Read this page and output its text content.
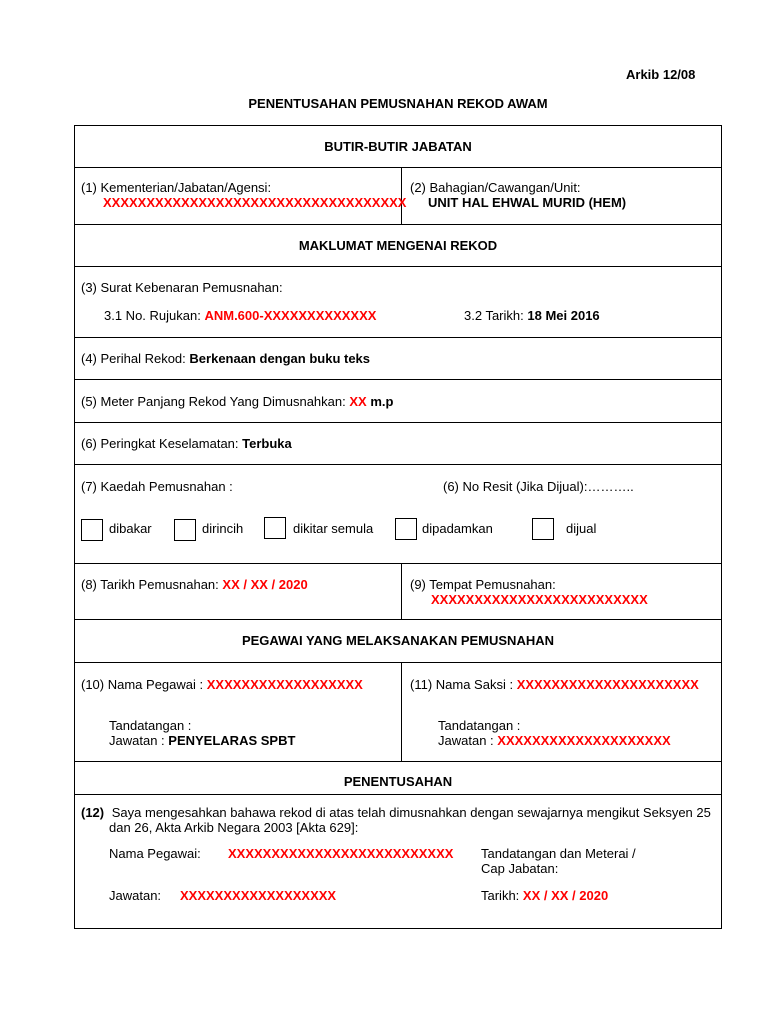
Arkib 12/08
PENENTUSAHAN PEMUSNAHAN REKOD AWAM
BUTIR-BUTIR JABATAN
(1) Kementerian/Jabatan/Agensi:
XXXXXXXXXXXXXXXXXXXXXXXXXXXXXXXXXXX
(2) Bahagian/Cawangan/Unit:
UNIT HAL EHWAL MURID (HEM)
MAKLUMAT MENGENAI REKOD
(3) Surat Kebenaran Pemusnahan:
3.1 No. Rujukan: ANM.600-XXXXXXXXXXXXX	3.2 Tarikh: 18 Mei 2016
(4) Perihal Rekod: Berkenaan dengan buku teks
(5) Meter Panjang Rekod Yang Dimusnahkan: XX m.p
(6) Peringkat Keselamatan: Terbuka
(7) Kaedah Pemusnahan :	(6) No Resit (Jika Dijual):………..
dibakar	dirincih	dikitar semula	dipadamkan	dijual
(8) Tarikh Pemusnahan: XX / XX / 2020	(9) Tempat Pemusnahan:
XXXXXXXXXXXXXXXXXXXXXXXXX
PEGAWAI YANG MELAKSANAKAN PEMUSNAHAN
(10) Nama Pegawai : XXXXXXXXXXXXXXXXXX	(11) Nama Saksi : XXXXXXXXXXXXXXXXXXXXX
Tandatangan :
Jawatan : PENYELARAS SPBT
Tandatangan :
Jawatan : XXXXXXXXXXXXXXXXXXXX
PENENTUSAHAN
(12) Saya mengesahkan bahawa rekod di atas telah dimusnahkan dengan sewajarnya mengikut Seksyen 25
dan 26, Akta Arkib Negara 2003 [Akta 629]:
Nama Pegawai: XXXXXXXXXXXXXXXXXXXXXXXXXX Tandatangan dan Meterai /
Cap Jabatan:
Jawatan: XXXXXXXXXXXXXXXXXX	Tarikh: XX / XX / 2020
